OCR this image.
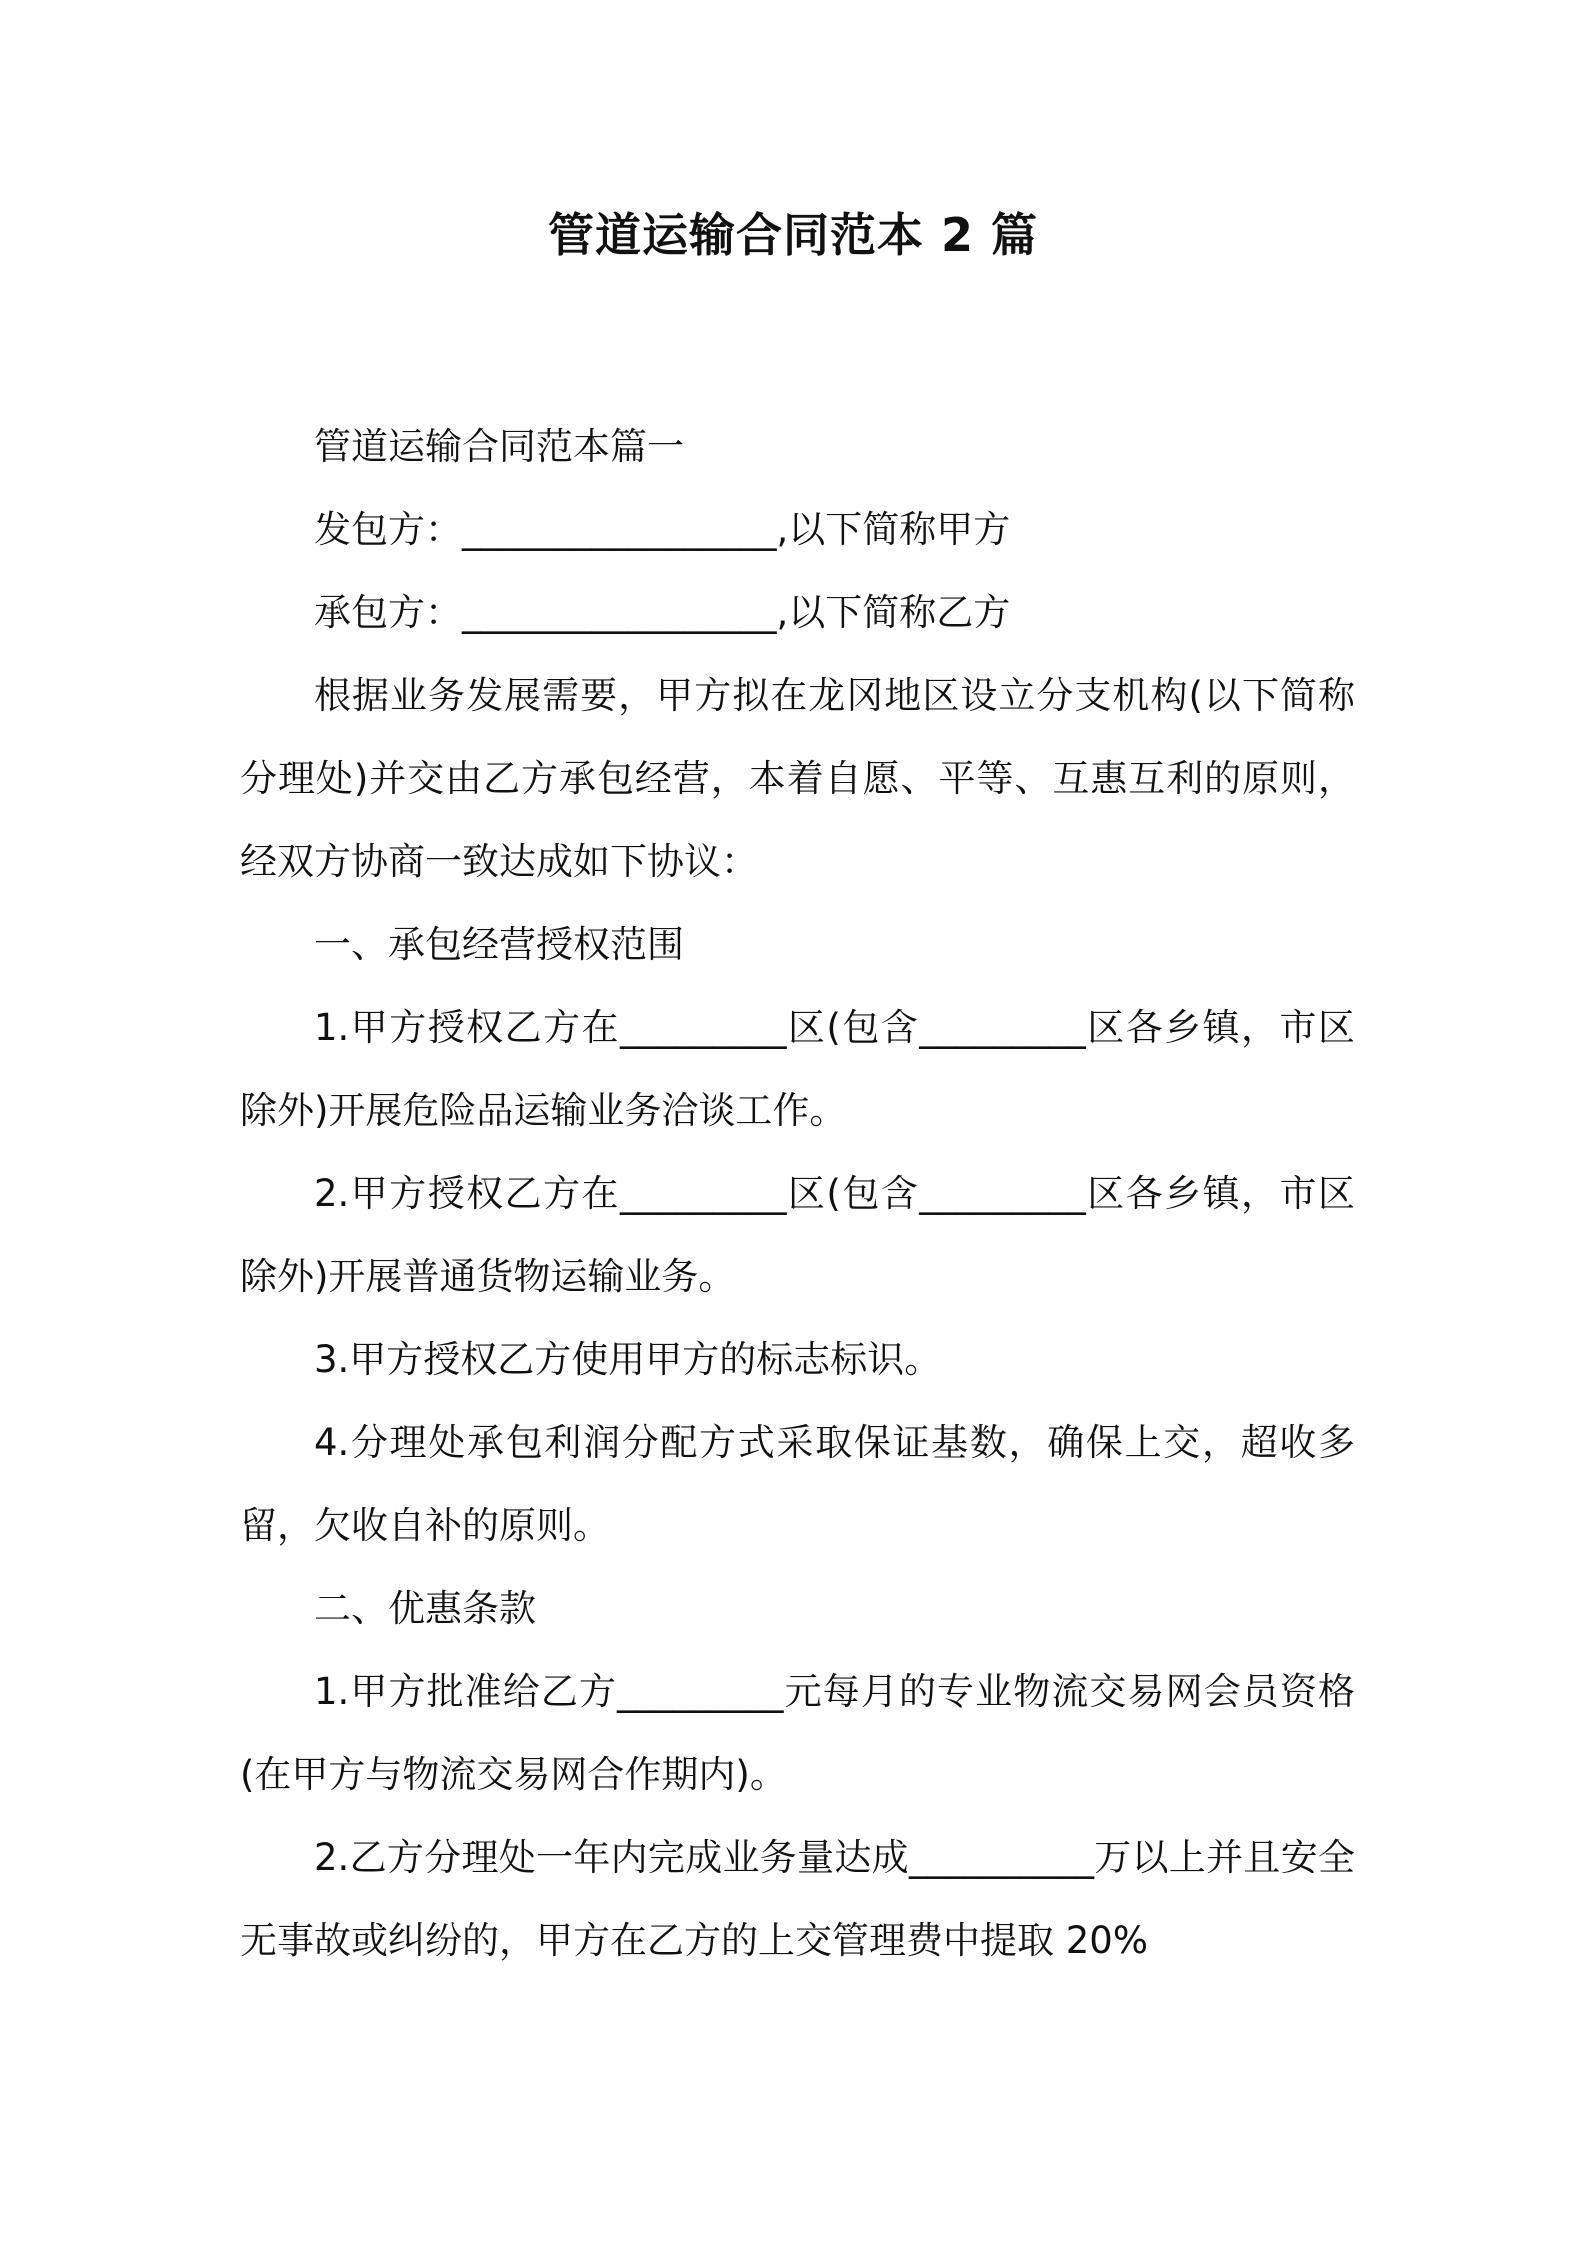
管道运输合同范本 2 篇

管道运输合同范本篇一

发包方：_________________,以下简称甲方

承包方：_________________,以下简称乙方

根据业务发展需要，甲方拟在龙冈地区设立分支机构(以下简称分理处)并交由乙方承包经营，本着自愿、平等、互惠互利的原则，经双方协商一致达成如下协议：

一、承包经营授权范围

1.甲方授权乙方在_________区(包含_________区各乡镇，市区除外)开展危险品运输业务洽谈工作。

2.甲方授权乙方在_________区(包含_________区各乡镇，市区除外)开展普通货物运输业务。

3.甲方授权乙方使用甲方的标志标识。

4.分理处承包利润分配方式采取保证基数，确保上交，超收多留，欠收自补的原则。

二、优惠条款

1.甲方批准给乙方_________元每月的专业物流交易网会员资格(在甲方与物流交易网合作期内)。

2.乙方分理处一年内完成业务量达成__________万以上并且安全无事故或纠纷的，甲方在乙方的上交管理费中提取 20%
